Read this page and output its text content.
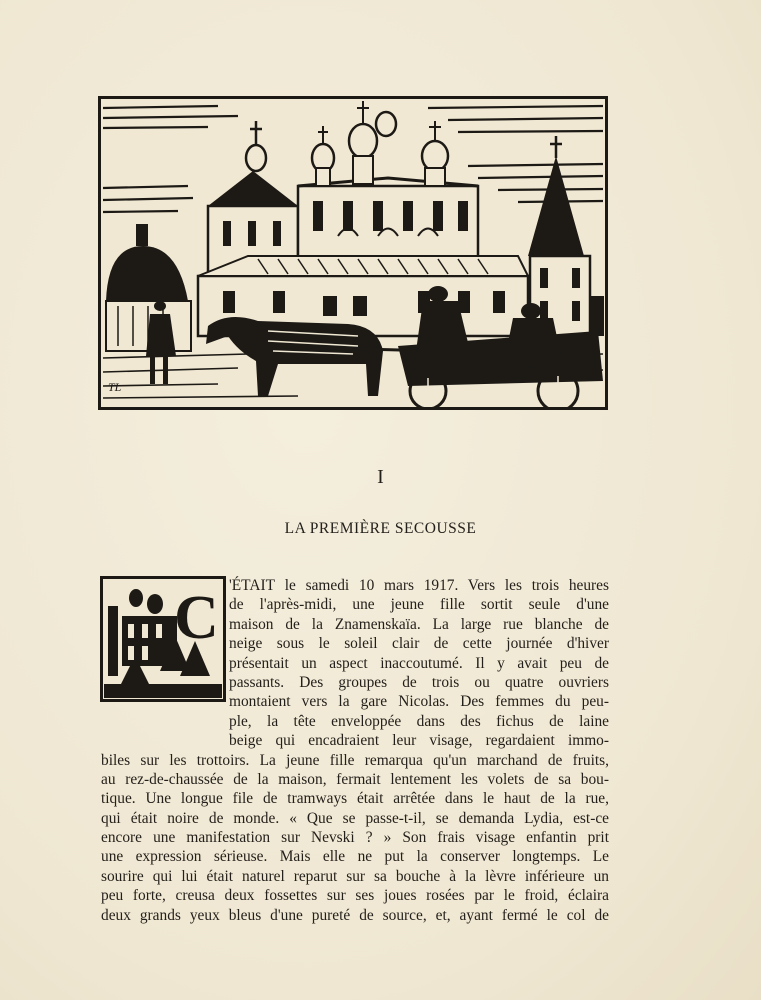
TL
I
LA PREMIÈRE SECOUSSE
C 'ÉTAIT le samedi 10 mars 1917. Vers les trois heures
de l'après-midi, une jeune fille sortit seule d'une
maison de la Znamenskaïa. La large rue blanche de
neige sous le soleil clair de cette journée d'hiver
présentait un aspect inaccoutumé. Il y avait peu de
passants. Des groupes de trois ou quatre ouvriers
montaient vers la gare Nicolas. Des femmes du peu-
ple, la tête enveloppée dans des fichus de laine
beige qui encadraient leur visage, regardaient immo-
biles sur les trottoirs. La jeune fille remarqua qu'un marchand de fruits,
au rez-de-chaussée de la maison, fermait lentement les volets de sa bou-
tique. Une longue file de tramways était arrêtée dans le haut de la rue,
qui était noire de monde. « Que se passe-t-il, se demanda Lydia, est-ce
encore une manifestation sur Nevski ? » Son frais visage enfantin prit
une expression sérieuse. Mais elle ne put la conserver longtemps. Le
sourire qui lui était naturel reparut sur sa bouche à la lèvre inférieure un
peu forte, creusa deux fossettes sur ses joues rosées par le froid, éclaira
deux grands yeux bleus d'une pureté de source, et, ayant fermé le col de
